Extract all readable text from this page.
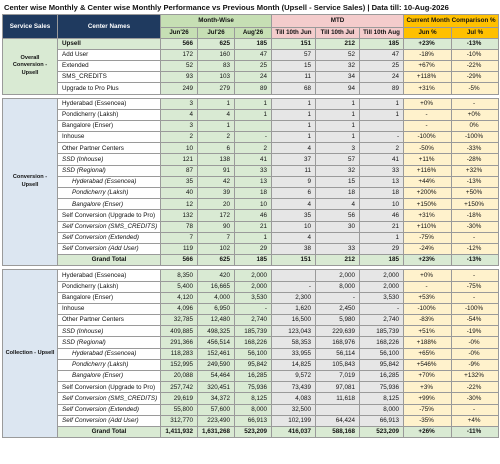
Center wise Monthly & Center wise Monthly Performance vs Previous Month (Upsell - Service Sales) | Data till: 10-Aug-2026
Service Sales	Center Names	Month-Wise			MTD			Current Month Comparison %	
		Jun'26	Jul'26	Aug'26	Till 10th Jun	Till 10th Jul	Till 10th Aug	Jun %	Jul %
Overall Conversion - Upsell	Upsell	566	625	185	151	212	185	+23%	-13%
	Add User	172	160	47	57	52	47	-18%	-10%
	Extended	52	83	25	15	32	25	+67%	-22%
	SMS_CREDITS	93	103	24	11	34	24	+118%	-29%
	Upgrade to Pro Plus	249	279	89	68	94	89	+31%	-5%

Conversion - Upsell	Hyderabad (Essencea)	3	1	1	1	1	1	+0%	-
	Pondicherry (Laksh)	4	4	1	1	1	1	-	+0%
	Bangalore (Enser)	3	1		1	1		-	0%
	Inhouse	2	2	-	1	1	-	-100%	-100%
	Other Partner Centers	10	6	2	4	3	2	-50%	-33%
	SSD (Inhouse)	121	138	41	37	57	41	+11%	-28%
	SSD (Regional)	87	91	33	11	32	33	+116%	+32%
	Hyderabad (Essencea)	35	42	13	9	15	13	+44%	-13%
	Pondicherry (Laksh)	40	39	18	6	18	18	+200%	+50%
	Bangalore (Enser)	12	20	10	4	4	10	+150%	+150%
	Self Conversion (Upgrade to Pro)	132	172	46	35	56	46	+31%	-18%
	Self Conversion (SMS_CREDITS)	78	90	21	10	30	21	+110%	-30%
	Self Conversion (Extended)	7	7	1	4		1	-75%	-
	Self Conversion (Add User)	119	102	29	38	33	29	-24%	-12%
	Grand Total	566	625	185	151	212	185	+23%	-13%

Collection - Upsell	Hyderabad (Essencea)	8,350	420	2,000		2,000	2,000	+0%	-
	Pondicherry (Laksh)	5,400	16,665	2,000	-	8,000	2,000	-	-75%
	Bangalore (Enser)	4,120	4,000	3,530	2,300	-	3,530	+53%	-
	Inhouse	4,096	6,950	-	1,620	2,450	-	-100%	-100%
	Other Partner Centers	32,785	12,480	2,740	16,500	5,980	2,740	-83%	-54%
	SSD (Inhouse)	409,885	498,325	185,739	123,043	229,639	185,739	+51%	-19%
	SSD (Regional)	291,366	456,514	168,226	58,353	168,976	168,226	+188%	-0%
	Hyderabad (Essencea)	118,283	152,461	56,100	33,955	56,114	56,100	+65%	-0%
	Pondicherry (Laksh)	152,995	249,590	95,842	14,825	105,843	95,842	+546%	-9%
	Bangalore (Enser)	20,088	54,464	16,285	9,572	7,019	16,285	+70%	+132%
	Self Conversion (Upgrade to Pro)	257,742	320,451	75,936	73,439	97,081	75,936	+3%	-22%
	Self Conversion (SMS_CREDITS)	29,619	34,372	8,125	4,083	11,618	8,125	+99%	-30%
	Self Conversion (Extended)	55,800	57,600	8,000	32,500		8,000	-75%	-
	Self Conversion (Add User)	312,770	223,490	66,913	102,199	64,424	66,913	-35%	+4%
	Grand Total	1,411,932	1,631,268	523,209	416,037	588,168	523,209	+26%	-11%
